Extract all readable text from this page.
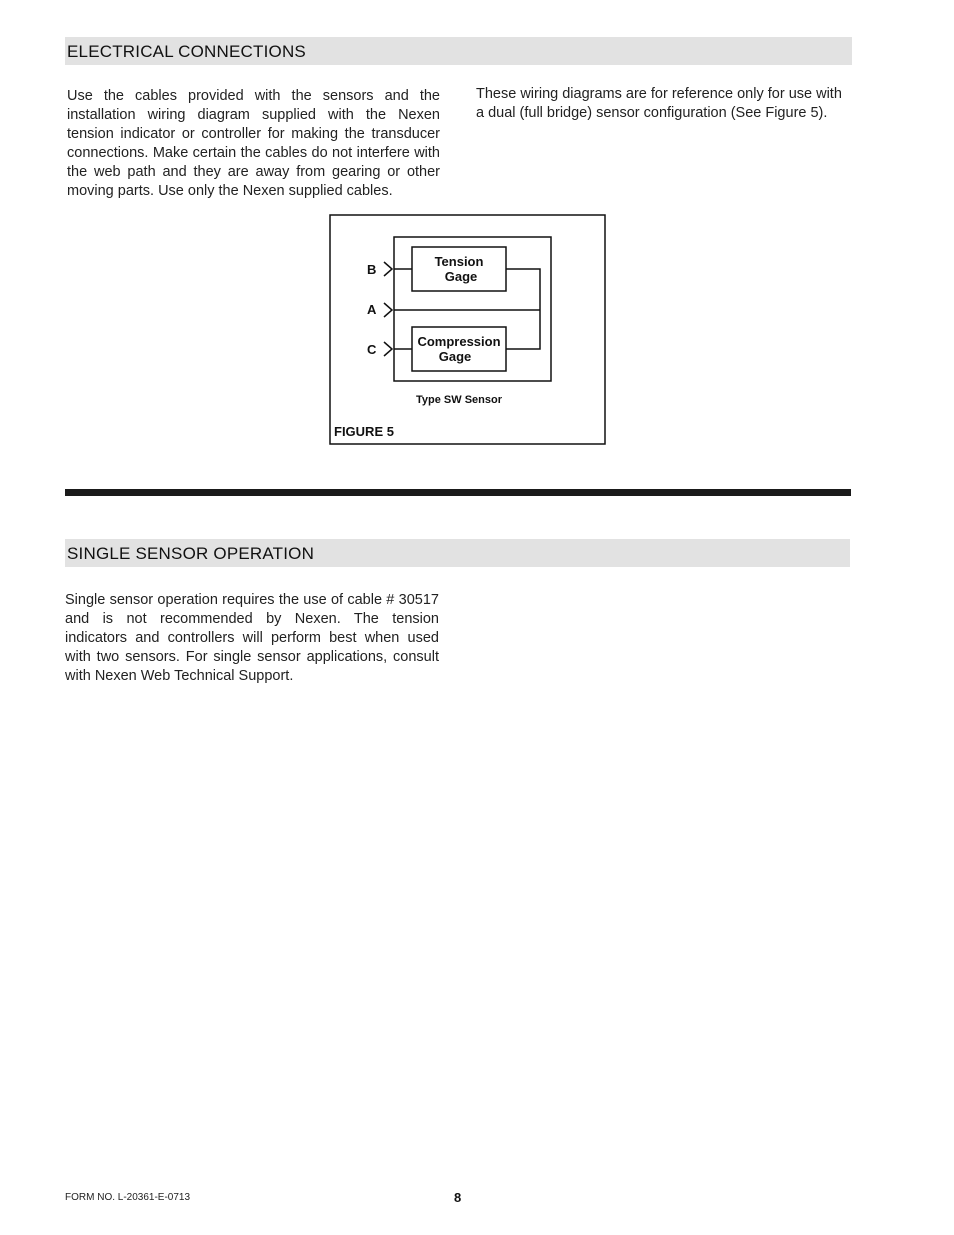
ELECTRICAL CONNECTIONS
Use the cables provided with the sensors and the installation wiring diagram supplied with the Nexen tension indicator or controller for making the transducer connections. Make certain the cables do not interfere with the web path and they are away from gearing or other moving parts. Use only the Nexen supplied cables.
These wiring diagrams are for reference only for use with a dual (full bridge) sensor configuration (See Figure 5).
B
A
C
Tension
Gage
Compression
Gage
Type SW Sensor
FIGURE 5
SINGLE SENSOR OPERATION
Single sensor operation requires the use of cable # 30517 and is not recommended by Nexen. The tension indicators and controllers will perform best when used with two sensors. For single sensor applications, consult with Nexen Web Technical Support.
FORM NO. L-20361-E-0713	8
